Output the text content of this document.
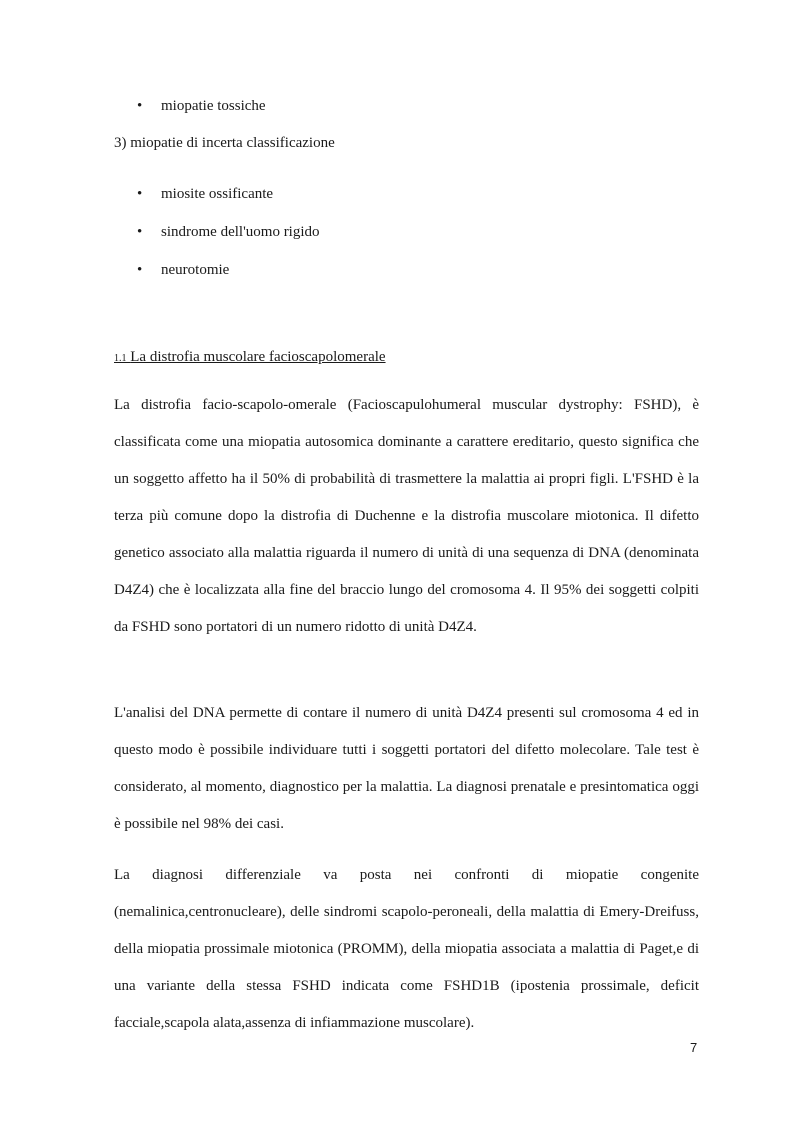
• miopatie tossiche
3) miopatie di incerta classificazione
• miosite ossificante
• sindrome dell'uomo rigido
• neurotomie
1.1 La distrofia muscolare facioscapolomerale

La distrofia facio-scapolo-omerale (Facioscapulohumeral muscular dystrophy: FSHD), è classificata come una miopatia autosomica dominante a carattere ereditario, questo significa che un soggetto affetto ha il 50% di probabilità di trasmettere la malattia ai propri figli. L'FSHD è la terza più comune dopo la distrofia di Duchenne e la distrofia muscolare miotonica. Il difetto genetico associato alla malattia riguarda il numero di unità di una sequenza di DNA (denominata D4Z4) che è localizzata alla fine del braccio lungo del cromosoma 4. Il 95% dei soggetti colpiti da FSHD sono portatori di un numero ridotto di unità D4Z4.

L'analisi del DNA permette di contare il numero di unità D4Z4 presenti sul cromosoma 4 ed in questo modo è possibile individuare tutti i soggetti portatori del difetto molecolare. Tale test è considerato, al momento, diagnostico per la malattia. La diagnosi prenatale e presintomatica oggi è possibile nel 98% dei casi.

La diagnosi differenziale va posta nei confronti di miopatie congenite (nemalinica,centronucleare), delle sindromi scapolo-peroneali, della malattia di Emery-Dreifuss, della miopatia prossimale miotonica (PROMM), della miopatia associata a malattia di Paget,e di una variante della stessa FSHD indicata come FSHD1B (ipostenia prossimale, deficit facciale,scapola alata,assenza di infiammazione muscolare).

7
